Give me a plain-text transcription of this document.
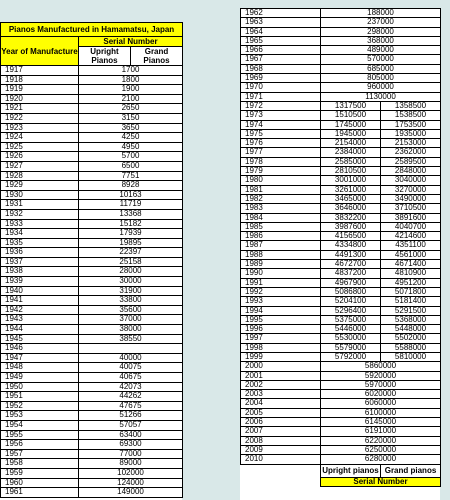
Pianos Manufactured in Hamamatsu, Japan		
Year of Manufacture	Serial Number	
	Upright Pianos	Grand Pianos
1917	1700	
1918	1800	
1919	1900	
1920	2100	
1921	2650	
1922	3150	
1923	3650	
1924	4250	
1925	4950	
1926	5700	
1927	6500	
1928	7751	
1929	8928	
1930	10163	
1931	11719	
1932	13368	
1933	15182	
1934	17939	
1935	19895	
1936	22397	
1937	25158	
1938	28000	
1939	30000	
1940	31900	
1941	33800	
1942	35600	
1943	37000	
1944	38000	
1945	38550	
1946		
1947	40000	
1948	40075	
1949	40675	
1950	42073	
1951	44262	
1952	47675	
1953	51266	
1954	57057	
1955	63400	
1956	69300	
1957	77000	
1958	89000	
1959	102000	
1960	124000	
1961	149000	
1962	188000	
1963	237000	
1964	298000	
1965	368000	
1966	489000	
1967	570000	
1968	685000	
1969	805000	
1970	960000	
1971	1130000	
1972	1317500	1358500
1973	1510500	1538500
1974	1745000	1753500
1975	1945000	1935000
1976	2154000	2153000
1977	2384000	2362000
1978	2585000	2589500
1979	2810500	2848000
1980	3001000	3040000
1981	3261000	3270000
1982	3465000	3490000
1983	3646000	3710500
1984	3832200	3891600
1985	3987600	4040700
1986	4156500	4214600
1987	4334800	4351100
1988	4491300	4561000
1989	4672700	4671400
1990	4837200	4810900
1991	4967900	4951200
1992	5086800	5071800
1993	5204100	5181400
1994	5296400	5291500
1995	5375000	5368000
1996	5446000	5448000
1997	5530000	5502000
1998	5579000	5588000
1999	5792000	5810000
2000	5860000	
2001	5920000	
2002	5970000	
2003	6020000	
2004	6060000	
2005	6100000	
2006	6145000	
2007	6191000	
2008	6220000	
2009	6250000	
2010	6280000	
	Upright pianos	Grand pianos
	Serial Number	
